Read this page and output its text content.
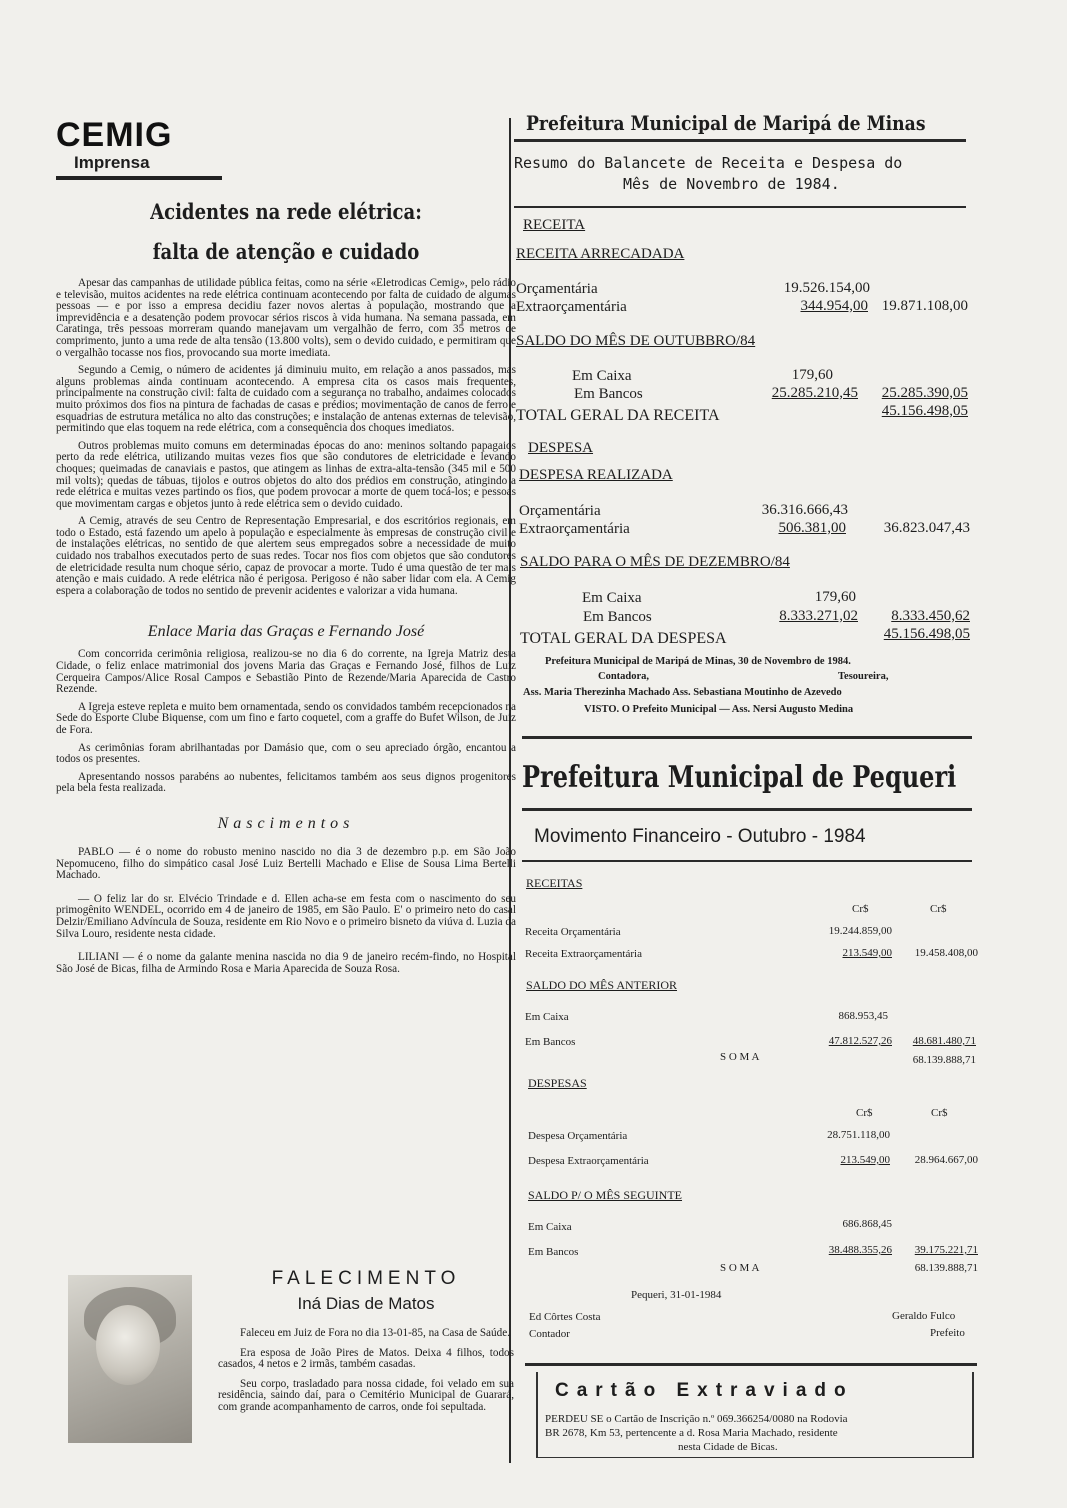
CEMIG
Imprensa
Acidentes na rede elétrica:
falta de atenção e cuidado

Apesar das campanhas de utilidade pública feitas, como na série «Eletrodicas Cemig», pelo rádio e televisão, muitos acidentes na rede elétrica continuam acontecendo por falta de cuidado de algumas pessoas — e por isso a empresa decidiu fazer novos alertas à população, mostrando que a imprevidência e a desatenção podem provocar sérios riscos à vida humana. Na semana passada, em Caratinga, três pessoas morreram quando manejavam um vergalhão de ferro, com 35 metros de comprimento, junto a uma rede de alta tensão (13.800 volts), sem o devido cuidado, e permitiram que o vergalhão tocasse nos fios, provocando sua morte imediata.

Segundo a Cemig, o número de acidentes já diminuiu muito, em relação a anos passados, mas alguns problemas ainda continuam acontecendo. A empresa cita os casos mais frequentes, principalmente na construção civil: falta de cuidado com a segurança no trabalho, andaimes colocados muito próximos dos fios na pintura de fachadas de casas e prédios; movimentação de canos de ferro e esquadrias de estrutura metálica no alto das construções; e instalação de antenas externas de televisão, permitindo que elas toquem na rede elétrica, com a consequência dos choques imediatos.

Outros problemas muito comuns em determinadas épocas do ano: meninos soltando papagaios perto da rede elétrica, utilizando muitas vezes fios que são condutores de eletricidade e levando choques; queimadas de canaviais e pastos, que atingem as linhas de extra-alta-tensão (345 mil e 500 mil volts); quedas de tábuas, tijolos e outros objetos do alto dos prédios em construção, atingindo a rede elétrica e muitas vezes partindo os fios, que podem provocar a morte de quem tocá-los; e pessoas que movimentam cargas e objetos junto à rede elétrica sem o devido cuidado.

A Cemig, através de seu Centro de Representação Empresarial, e dos escritórios regionais, em todo o Estado, está fazendo um apelo à população e especialmente às empresas de construção civil e de instalações elétricas, no sentido de que alertem seus empregados sobre a necessidade de muito cuidado nos trabalhos executados perto de suas redes. Tocar nos fios com objetos que são condutores de eletricidade resulta num choque sério, capaz de provocar a morte. Tudo é uma questão de ter mais atenção e mais cuidado. A rede elétrica não é perigosa. Perigoso é não saber lidar com ela. A Cemig espera a colaboração de todos no sentido de prevenir acidentes e valorizar a vida humana.

Enlace Maria das Graças e Fernando José

Com concorrida cerimônia religiosa, realizou-se no dia 6 do corrente, na Igreja Matriz desta Cidade, o feliz enlace matrimonial dos jovens Maria das Graças e Fernando José, filhos de Luiz Cerqueira Campos/Alice Rosal Campos e Sebastião Pinto de Rezende/Maria Aparecida de Castro Rezende.

A Igreja esteve repleta e muito bem ornamentada, sendo os convidados também recepcionados na Sede do Esporte Clube Biquense, com um fino e farto coquetel, com a graffe do Bufet Wilson, de Juiz de Fora.

As cerimônias foram abrilhantadas por Damásio que, com o seu apreciado órgão, encantou a todos os presentes.

Apresentando nossos parabéns ao nubentes, felicitamos também aos seus dignos progenitores pela bela festa realizada.

Nascimentos

PABLO — é o nome do robusto menino nascido no dia 3 de dezembro p.p. em São João Nepomuceno, filho do simpático casal José Luiz Bertelli Machado e Elise de Sousa Lima Bertelli Machado.

— O feliz lar do sr. Elvécio Trindade e d. Ellen acha-se em festa com o nascimento do seu primogênito WENDEL, ocorrido em 4 de janeiro de 1985, em São Paulo. E' o primeiro neto do casal Delzir/Emiliano Advíncula de Souza, residente em Rio Novo e o primeiro bisneto da viúva d. Luzia da Silva Louro, residente nesta cidade.

LILIANI — é o nome da galante menina nascida no dia 9 de janeiro recém-findo, no Hospital São José de Bicas, filha de Armindo Rosa e Maria Aparecida de Souza Rosa.

FALECIMENTO
Iná Dias de Matos

Faleceu em Juiz de Fora no dia 13-01-85, na Casa de Saúde.

Era esposa de João Pires de Matos. Deixa 4 filhos, todos casados, 4 netos e 2 irmãs, também casadas.

Seu corpo, trasladado para nossa cidade, foi velado em sua residência, saindo daí, para o Cemitério Municipal de Guarará, com grande acompanhamento de carros, onde foi sepultada.

Prefeitura Municipal de Maripá de Minas
Resumo do Balancete de Receita e Despesa do
Mês de Novembro de 1984.
RECEITA
RECEITA ARRECADADA
Orçamentária	19.526.154,00
Extraorçamentária	344.954,00 19.871.108,00
SALDO DO MÊS DE OUTUBBRO/84
Em Caixa	179,60
Em Bancos	25.285.210,45	25.285.390,05
TOTAL GERAL DA RECEITA	45.156.498,05
DESPESA
DESPESA REALIZADA
Orçamentária	36.316.666,43
Extraorçamentária	506.381,00	36.823.047,43
SALDO PARA O MÊS DE DEZEMBRO/84
Em Caixa	179,60
Em Bancos	8.333.271,02	8.333.450,62
TOTAL GERAL DA DESPESA	45.156.498,05
Prefeitura Municipal de Maripá de Minas, 30 de Novembro de 1984.
Contadora,	Tesoureira,
Ass. Maria Therezinha Machado Ass. Sebastiana Moutinho de Azevedo
VISTO. O Prefeito Municipal — Ass. Nersi Augusto Medina
Prefeitura Municipal de Pequeri
Movimento Financeiro - Outubro - 1984
RECEITAS
Cr$	Cr$
Receita Orçamentária	19.244.859,00
Receita Extraorçamentária	213.549,00	19.458.408,00
SALDO DO MÊS ANTERIOR
Em Caixa	868.953,45
Em Bancos	47.812.527,26	48.681.480,71
S O M A	68.139.888,71
DESPESAS
Cr$	Cr$
Despesa Orçamentária	28.751.118,00
Despesa Extraorçamentária	213.549,00	28.964.667,00
SALDO P/ O MÊS SEGUINTE
Em Caixa	686.868,45
Em Bancos	38.488.355,26	39.175.221,71
S O M A	68.139.888,71
Pequeri, 31-01-1984
Ed Côrtes Costa
Contador
Geraldo Fulco
Prefeito
Cartão Extraviado
PERDEU SE o Cartão de Inscrição n.º 069.366254/0080 na Rodovia
BR 2678, Km 53, pertencente a d. Rosa Maria Machado, residente
nesta Cidade de Bicas.
